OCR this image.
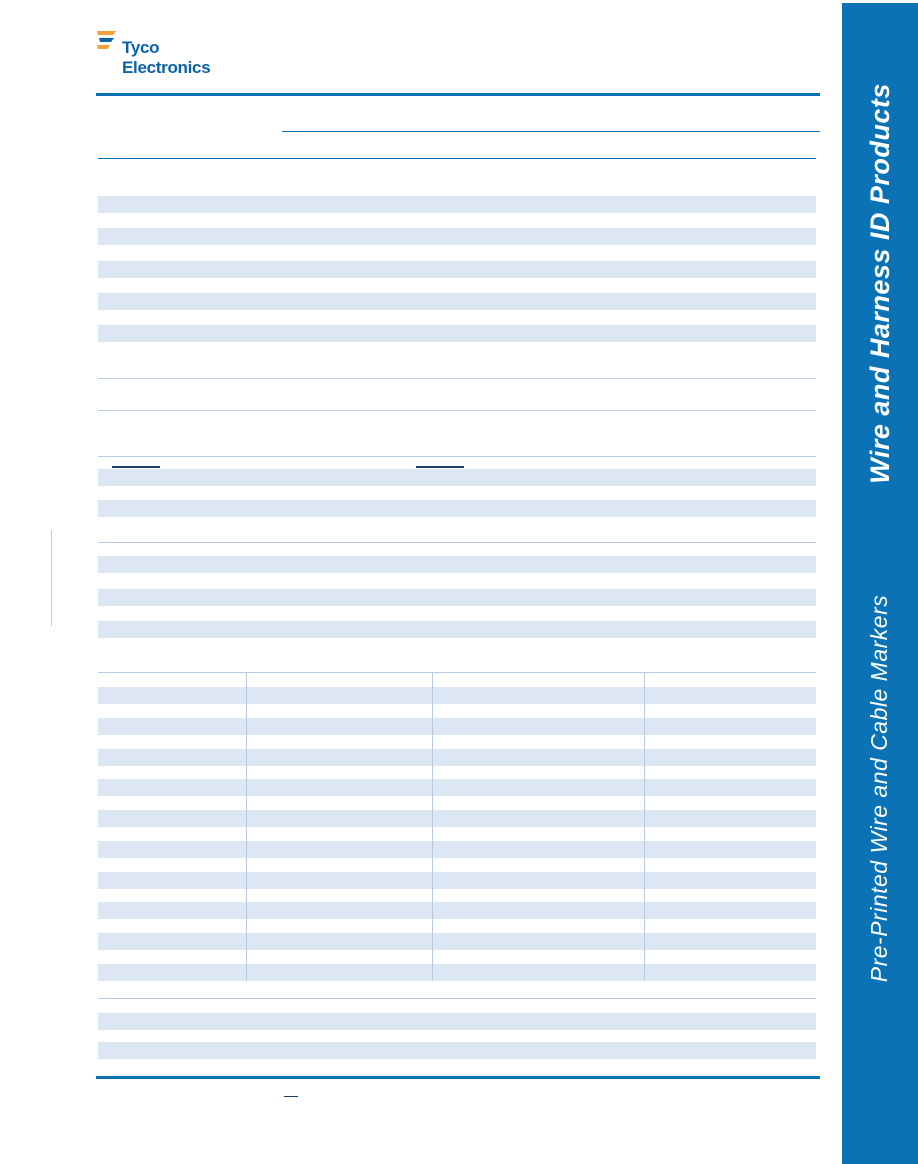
Tyco
Electronics
Wire and Harness ID Products
Pre-Printed Wire and Cable Markers
